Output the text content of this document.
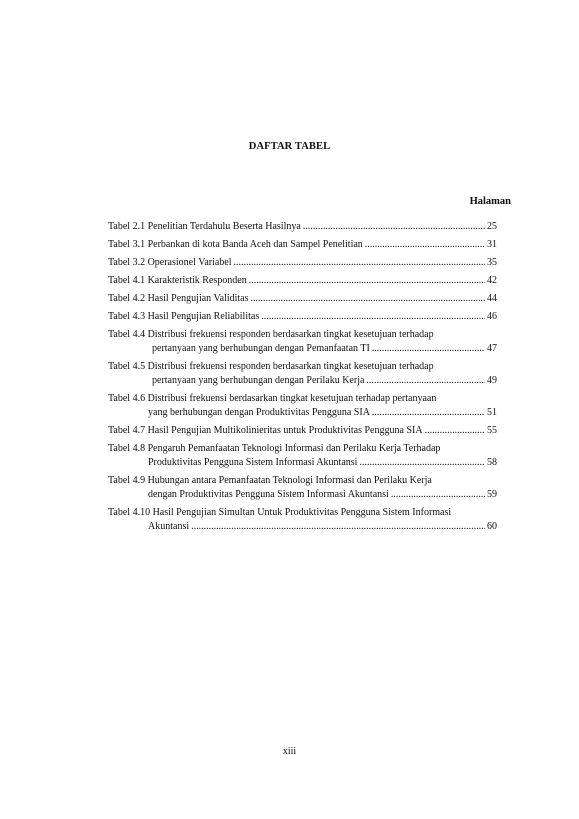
DAFTAR TABEL
Halaman
Tabel 2.1 Penelitian Terdahulu Beserta Hasilnya .....	25
Tabel 3.1 Perbankan di kota Banda Aceh dan Sampel Penelitian .....	31
Tabel 3.2 Operasionel Variabel .....	35
Tabel 4.1 Karakteristik Responden .....	42
Tabel 4.2 Hasil Pengujian Validitas .....	44
Tabel 4.3 Hasil Pengujian Reliabilitas .....	46
Tabel 4.4 Distribusi frekuensi responden berdasarkan tingkat kesetujuan terhadap
pertanyaan yang berhubungan dengan Pemanfaatan TI .....	47
Tabel 4.5 Distribusi frekuensi responden berdasarkan tingkat kesetujuan terhadap
pertanyaan yang berhubungan dengan Perilaku Kerja .....	49
Tabel 4.6 Distribusi frekuensi berdasarkan tingkat kesetujuan terhadap pertanyaan
yang berhubungan dengan Produktivitas Pengguna SIA .....	51
Tabel 4.7 Hasil Pengujian Multikolinieritas untuk Produktivitas Pengguna SIA .....	55
Tabel 4.8 Pengaruh Pemanfaatan Teknologi Informasi dan Perilaku Kerja Terhadap
Produktivitas Pengguna Sistem Informasi Akuntansi .....	58
Tabel 4.9 Hubungan antara Pemanfaatan Teknologi Informasi dan Perilaku Kerja
dengan Produktivitas Pengguna Sistem Informasi Akuntansi .....	59
Tabel 4.10 Hasil Pengujian Simultan Untuk Produktivitas Pengguna Sistem Informasi
Akuntansi .....	60
xiii
